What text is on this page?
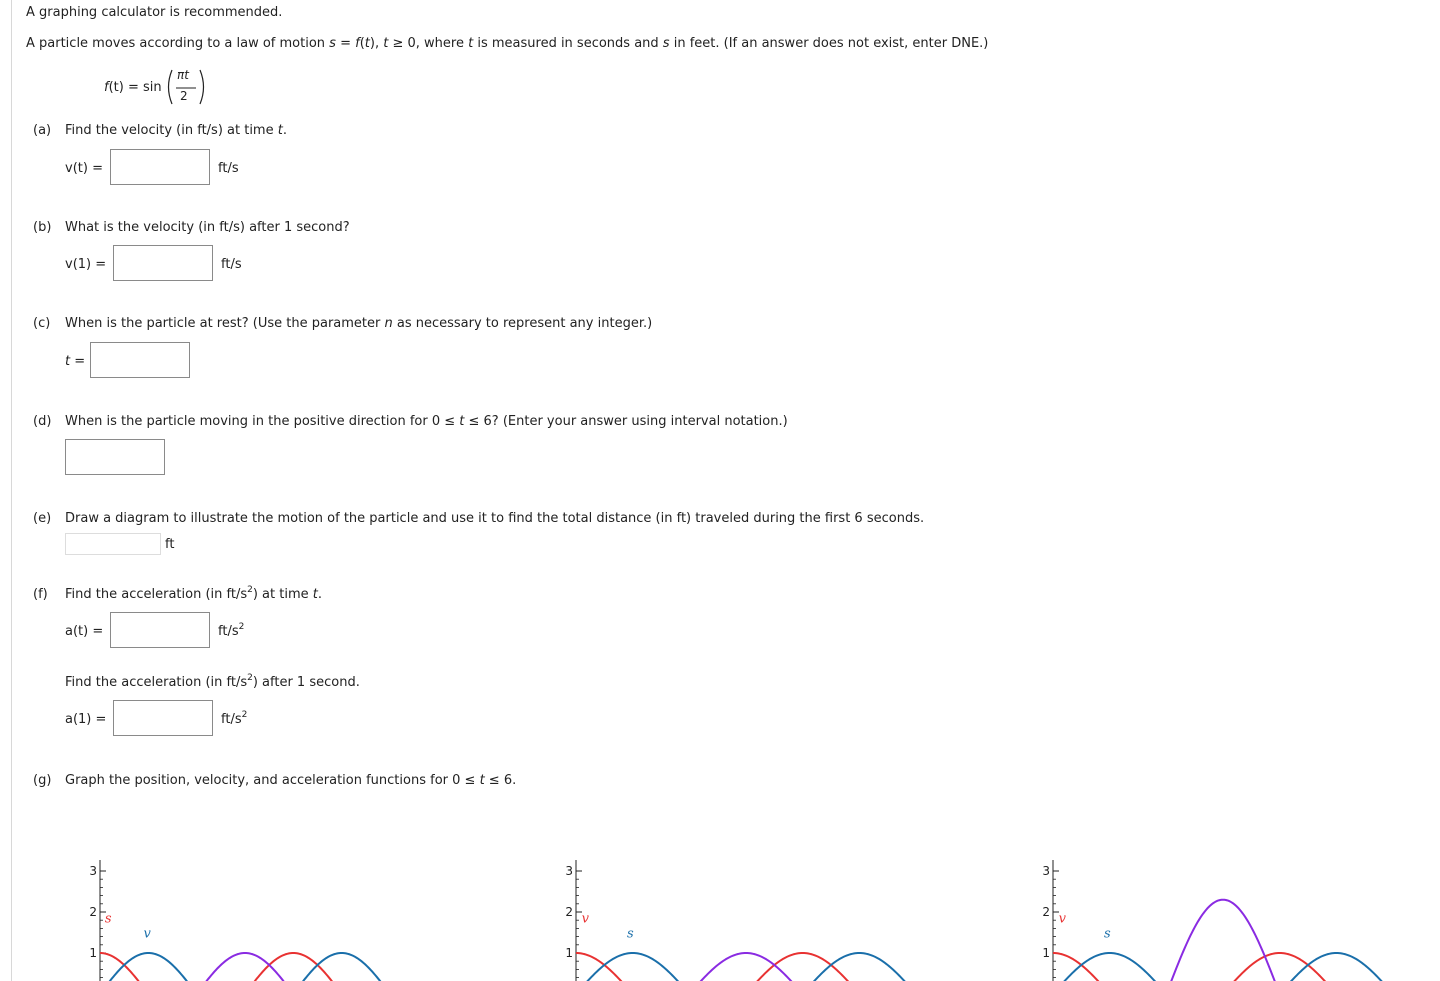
A graphing calculator is recommended.
A particle moves according to a law of motion s = f(t), t ≥ 0, where t is measured in seconds and s in feet. (If an answer does not exist, enter DNE.)
f(t) = sin
πt
2
(a) Find the velocity (in ft/s) at time t.
v(t) =	ft/s
(b) What is the velocity (in ft/s) after 1 second?
v(1) =	ft/s
(c) When is the particle at rest? (Use the parameter n as necessary to represent any integer.)
t =
(d) When is the particle moving in the positive direction for 0 ≤ t ≤ 6? (Enter your answer using interval notation.)
(e) Draw a diagram to illustrate the motion of the particle and use it to find the total distance (in ft) traveled during the first 6 seconds.
ft
(f) Find the acceleration (in $ft/s^2$) at time t.
a(t) =	$ft/s^2$
Find the acceleration (in $ft/s^2$) after 1 second.
a(1) =	$ft/s^2$
(g) Graph the position, velocity, and acceleration functions for 0 ≤ t ≤ 6.
3
2
1
s
v
3
2
1
v
s
3
2
1
v
s
